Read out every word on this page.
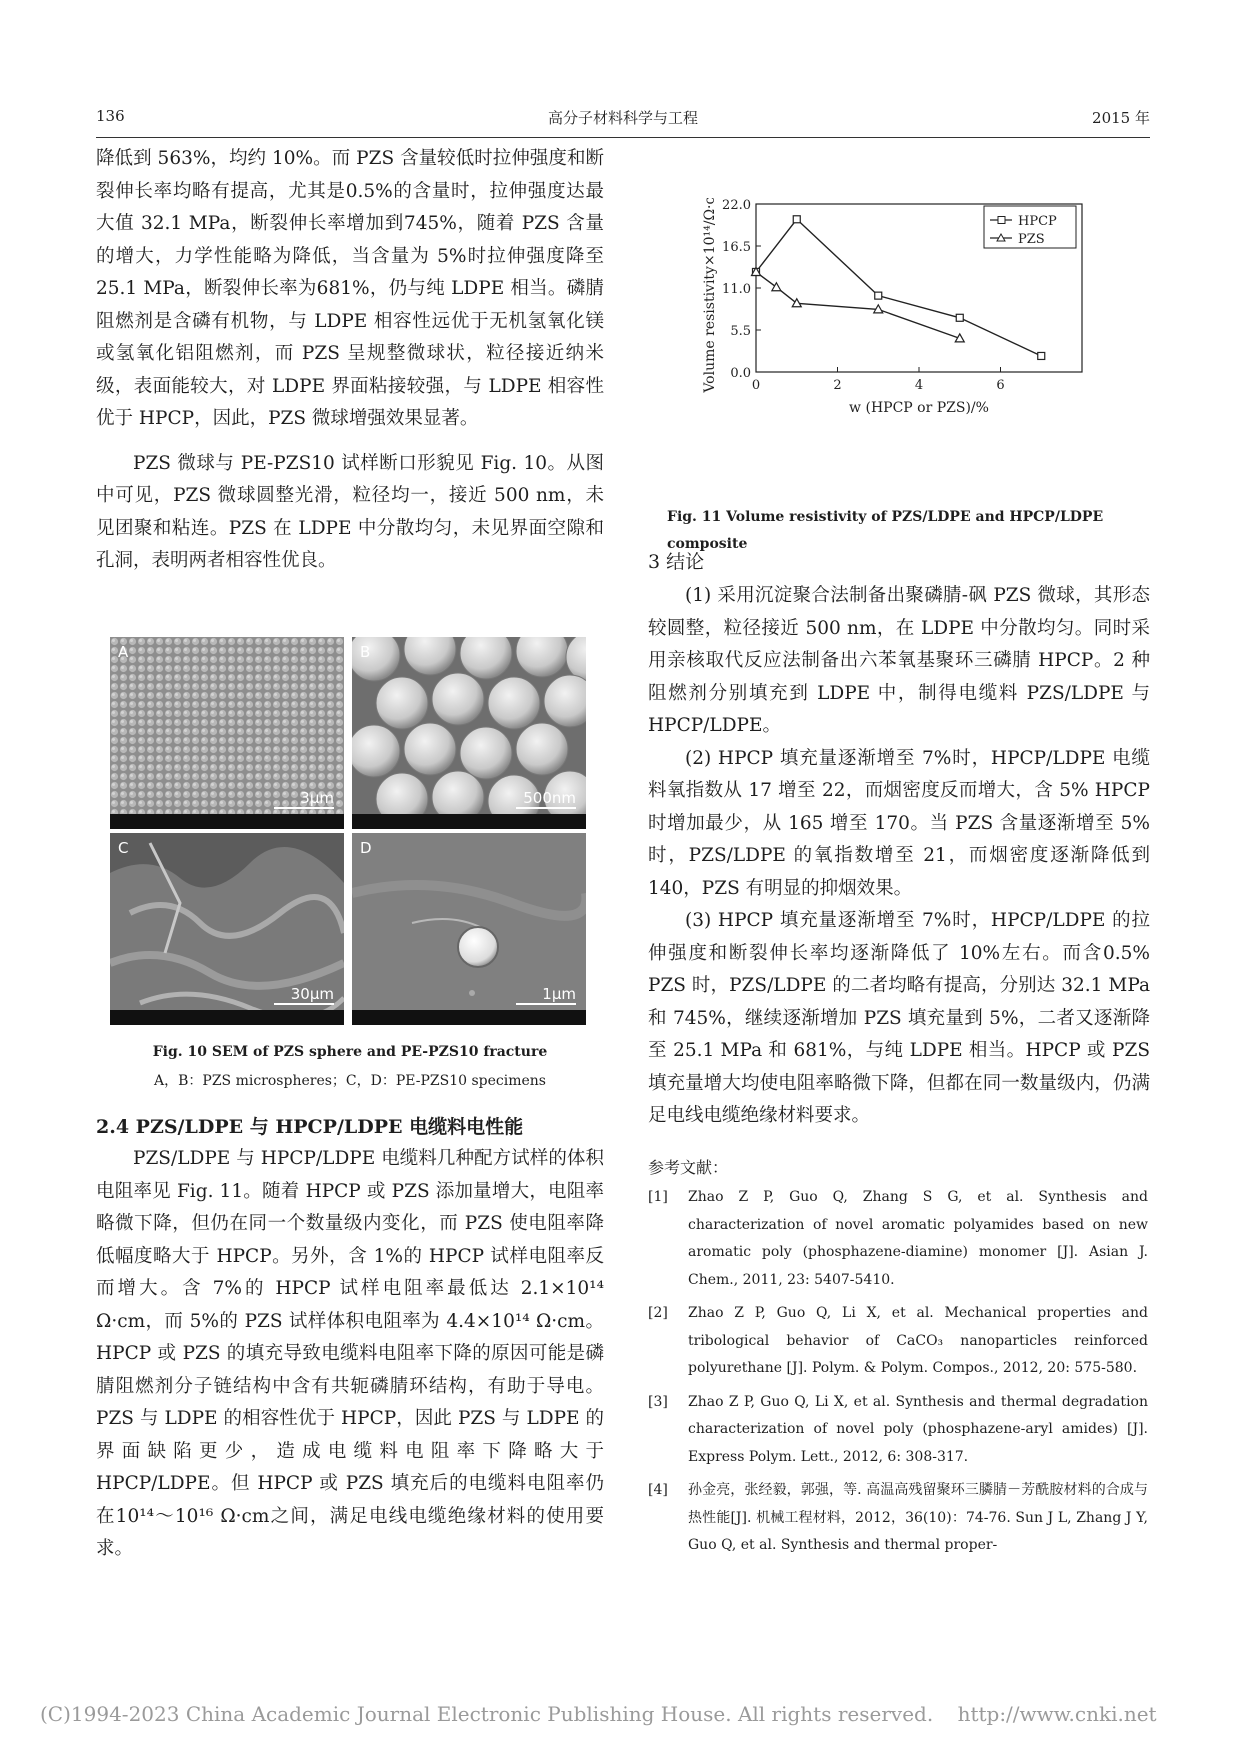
136	高分子材料科学与工程	2015 年

降低到 563%，均约 10%。而 PZS 含量较低时拉伸强度和断裂伸长率均略有提高，尤其是0.5%的含量时，拉伸强度达最大值 32.1 MPa，断裂伸长率增加到745%，随着 PZS 含量的增大，力学性能略为降低，当含量为 5%时拉伸强度降至 25.1 MPa，断裂伸长率为681%，仍与纯 LDPE 相当。磷腈阻燃剂是含磷有机物，与 LDPE 相容性远优于无机氢氧化镁或氢氧化铝阻燃剂，而 PZS 呈规整微球状，粒径接近纳米级，表面能较大，对 LDPE 界面粘接较强，与 LDPE 相容性优于 HPCP，因此，PZS 微球增强效果显著。

PZS 微球与 PE-PZS10 试样断口形貌见 Fig. 10。从图中可见，PZS 微球圆整光滑，粒径均一，接近 500 nm，未见团聚和粘连。PZS 在 LDPE 中分散均匀，未见界面空隙和孔洞，表明两者相容性优良。

A
3μm
B
500nm
C
30μm
D
1μm
Fig. 10 SEM of PZS sphere and PE-PZS10 fracture
A，B：PZS microspheres；C，D：PE-PZS10 specimens
2.4 PZS/LDPE 与 HPCP/LDPE 电缆料电性能

PZS/LDPE 与 HPCP/LDPE 电缆料几种配方试样的体积电阻率见 Fig. 11。随着 HPCP 或 PZS 添加量增大，电阻率略微下降，但仍在同一个数量级内变化，而 PZS 使电阻率降低幅度略大于 HPCP。另外，含 1%的 HPCP 试样电阻率反而增大。含 7%的 HPCP 试样电阻率最低达 2.1×10¹⁴ Ω·cm，而 5%的 PZS 试样体积电阻率为 4.4×10¹⁴ Ω·cm。HPCP 或 PZS 的填充导致电缆料电阻率下降的原因可能是磷腈阻燃剂分子链结构中含有共轭磷腈环结构，有助于导电。PZS 与 LDPE 的相容性优于 HPCP，因此 PZS 与 LDPE 的界面缺陷更少，造成电缆料电阻率下降略大于 HPCP/LDPE。但 HPCP 或 PZS 填充后的电缆料电阻率仍在10¹⁴～10¹⁶ Ω·cm之间，满足电线电缆绝缘材料的使用要求。

0.0
5.5
11.0
16.5
22.0
0	2	4	6
w (HPCP or PZS)/%
Volume resistivity×10¹⁴/Ω·cm	HPCP
PZS
Fig. 11 Volume resistivity of PZS/LDPE and HPCP/LDPE composite
3 结论

(1) 采用沉淀聚合法制备出聚磷腈-砜 PZS 微球，其形态较圆整，粒径接近 500 nm，在 LDPE 中分散均匀。同时采用亲核取代反应法制备出六苯氧基聚环三磷腈 HPCP。2 种阻燃剂分别填充到 LDPE 中，制得电缆料 PZS/LDPE 与 HPCP/LDPE。

(2) HPCP 填充量逐渐增至 7%时，HPCP/LDPE 电缆料氧指数从 17 增至 22，而烟密度反而增大，含 5% HPCP 时增加最少，从 165 增至 170。当 PZS 含量逐渐增至 5%时，PZS/LDPE 的氧指数增至 21，而烟密度逐渐降低到 140，PZS 有明显的抑烟效果。

(3) HPCP 填充量逐渐增至 7%时，HPCP/LDPE 的拉伸强度和断裂伸长率均逐渐降低了 10%左右。而含0.5% PZS 时，PZS/LDPE 的二者均略有提高，分别达 32.1 MPa 和 745%，继续逐渐增加 PZS 填充量到 5%，二者又逐渐降至 25.1 MPa 和 681%，与纯 LDPE 相当。HPCP 或 PZS 填充量增大均使电阻率略微下降，但都在同一数量级内，仍满足电线电缆绝缘材料要求。

参考文献：
[1] Zhao Z P, Guo Q, Zhang S G, et al. Synthesis and characterization of novel aromatic polyamides based on new aromatic poly (phosphazene-diamine) monomer [J]. Asian J. Chem., 2011, 23: 5407-5410.
[2] Zhao Z P, Guo Q, Li X, et al. Mechanical properties and tribological behavior of CaCO₃ nanoparticles reinforced polyurethane [J]. Polym. & Polym. Compos., 2012, 20: 575-580.
[3] Zhao Z P, Guo Q, Li X, et al. Synthesis and thermal degradation characterization of novel poly (phosphazene-aryl amides) [J]. Express Polym. Lett., 2012, 6: 308-317.
[4] 孙金亮，张经毅，郭强，等. 高温高残留聚环三膦腈－芳酰胺材料的合成与热性能[J]. 机械工程材料，2012，36(10)：74-76. Sun J L, Zhang J Y, Guo Q, et al. Synthesis and thermal proper-
(C)1994-2023 China Academic Journal Electronic Publishing House. All rights reserved. http://www.cnki.net
